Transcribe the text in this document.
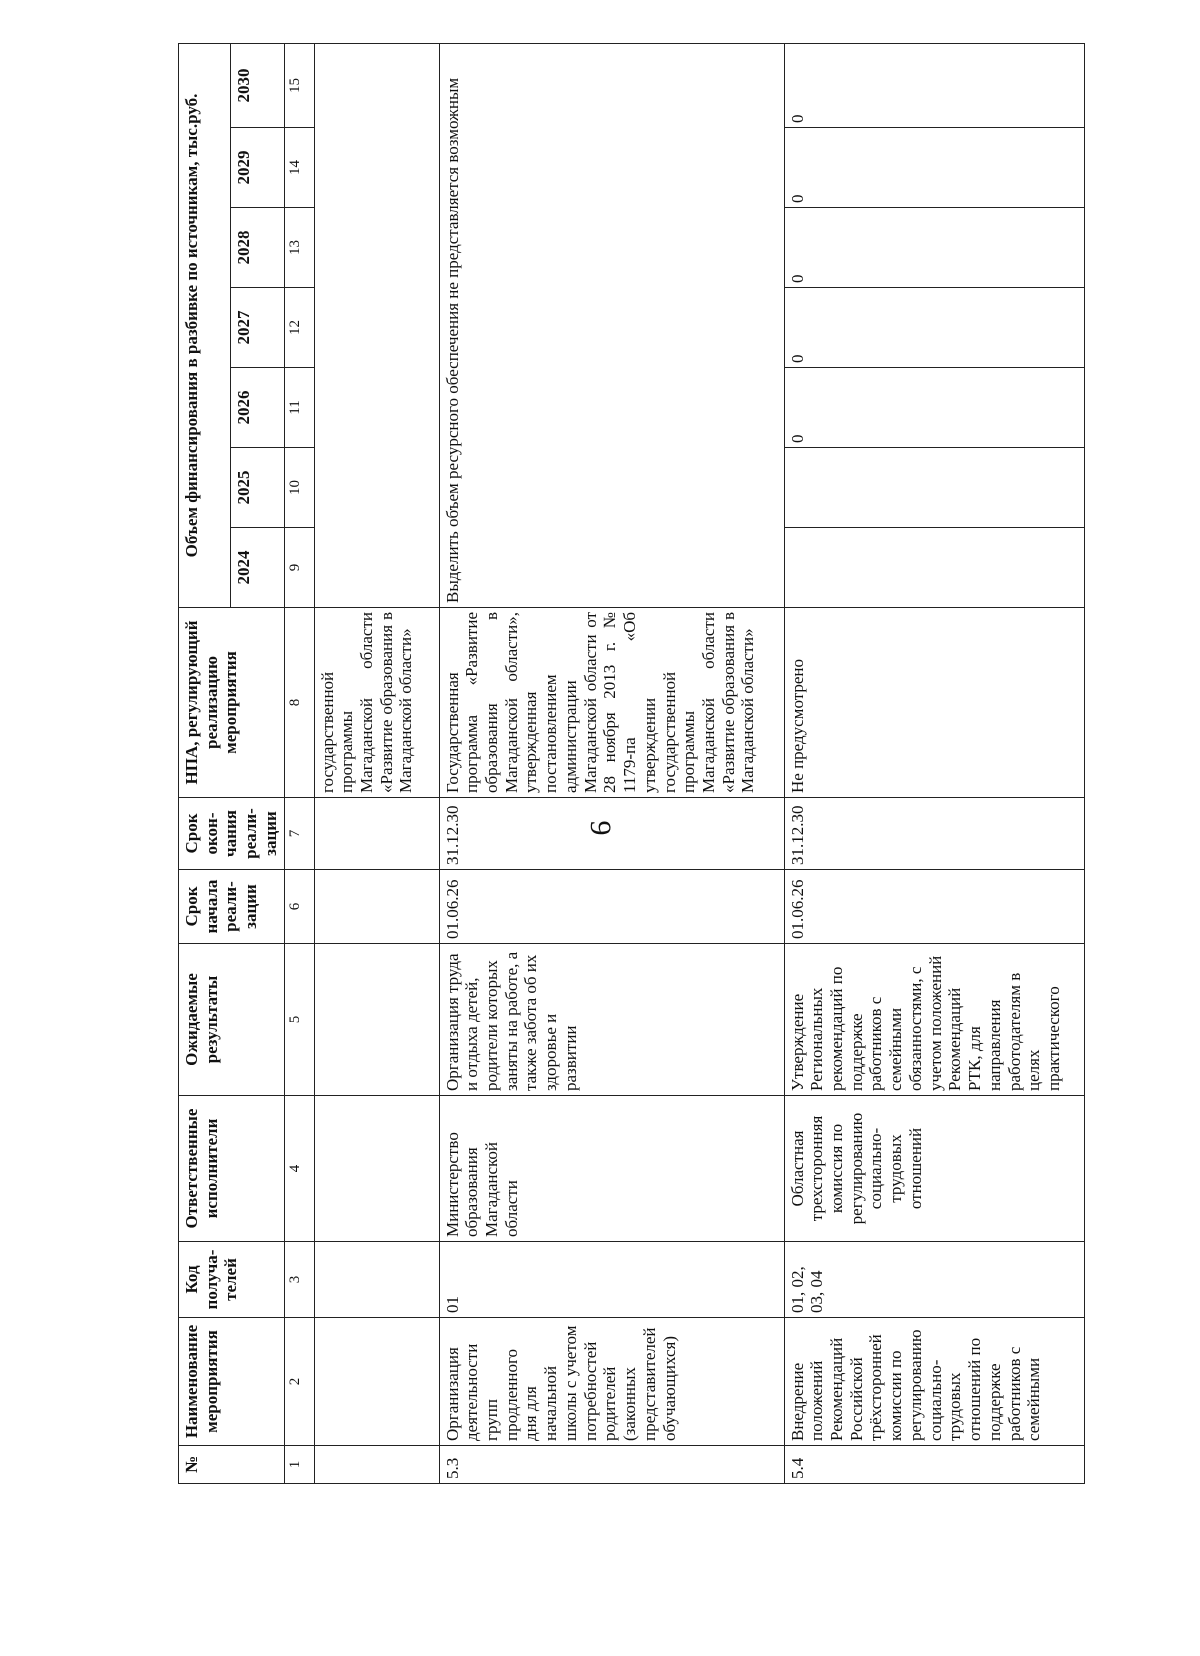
9
№	Наименование мероприятия	Код получа-телей	Ответственные исполнители	Ожидаемые результаты	Срок начала реали-зации	Срок окон-чания реали-зации	НПА, регулирующий реализацию мероприятия	Объем финансирования в разбивке по источникам, тыс.руб.						
								2024	2025	2026	2027	2028	2029	2030
1	2	3	4	5	6	7	8	9	10	11	12	13	14	15
							государственной программы Магаданской области «Развитие образования в Магаданской области»							
5.3	Организация деятельности групп продленного дня для начальной школы с учетом потребностей родителей (законных представителей обучающихся)	01	Министерство образования Магаданской области	Организация труда и отдыха детей, родители которых заняты на работе, а также забота об их здоровье и развитии	01.06.26	31.12.30	Государственная программа «Развитие образования в Магаданской области», утвержденная постановлением администрации Магаданской области от 28 ноября 2013 г. № 1179-па «Об утверждении государственной программы Магаданской области «Развитие образования в Магаданской области»	Выделить объем ресурсного обеспечения не представляется возможным						
5.4	Внедрение положений Рекомендаций Российской трёхсторонней комиссии по регулированию социально-трудовых отношений по поддержке работников с семейными	01, 02, 03, 04	Областная трехсторонняя комиссия по регулированию социально-трудовых отношений	Утверждение Региональных рекомендаций по поддержке работников с семейными обязанностями, с учетом положений Рекомендаций РТК, для направления работодателям в целях практического	01.06.26	31.12.30	Не предусмотрено			0	0	0	0	0
